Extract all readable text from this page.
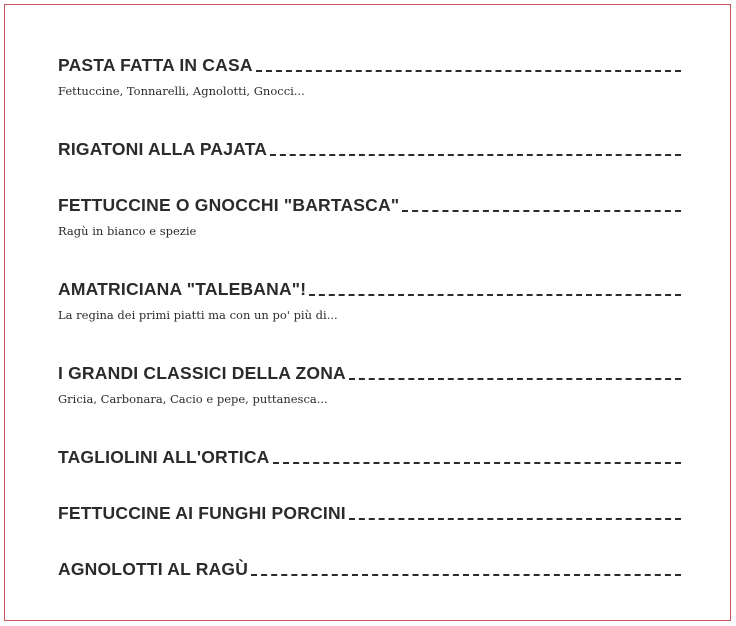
PASTA FATTA IN CASA
Fettuccine, Tonnarelli, Agnolotti, Gnocci...
RIGATONI ALLA PAJATA
FETTUCCINE O GNOCCHI "BARTASCA"
Ragù in bianco e spezie
AMATRICIANA "TALEBANA"!
La regina dei primi piatti ma con un po' più di...
I GRANDI CLASSICI DELLA ZONA
Gricia, Carbonara, Cacio e pepe, puttanesca...
TAGLIOLINI ALL'ORTICA
FETTUCCINE AI FUNGHI PORCINI
AGNOLOTTI AL RAGÙ
